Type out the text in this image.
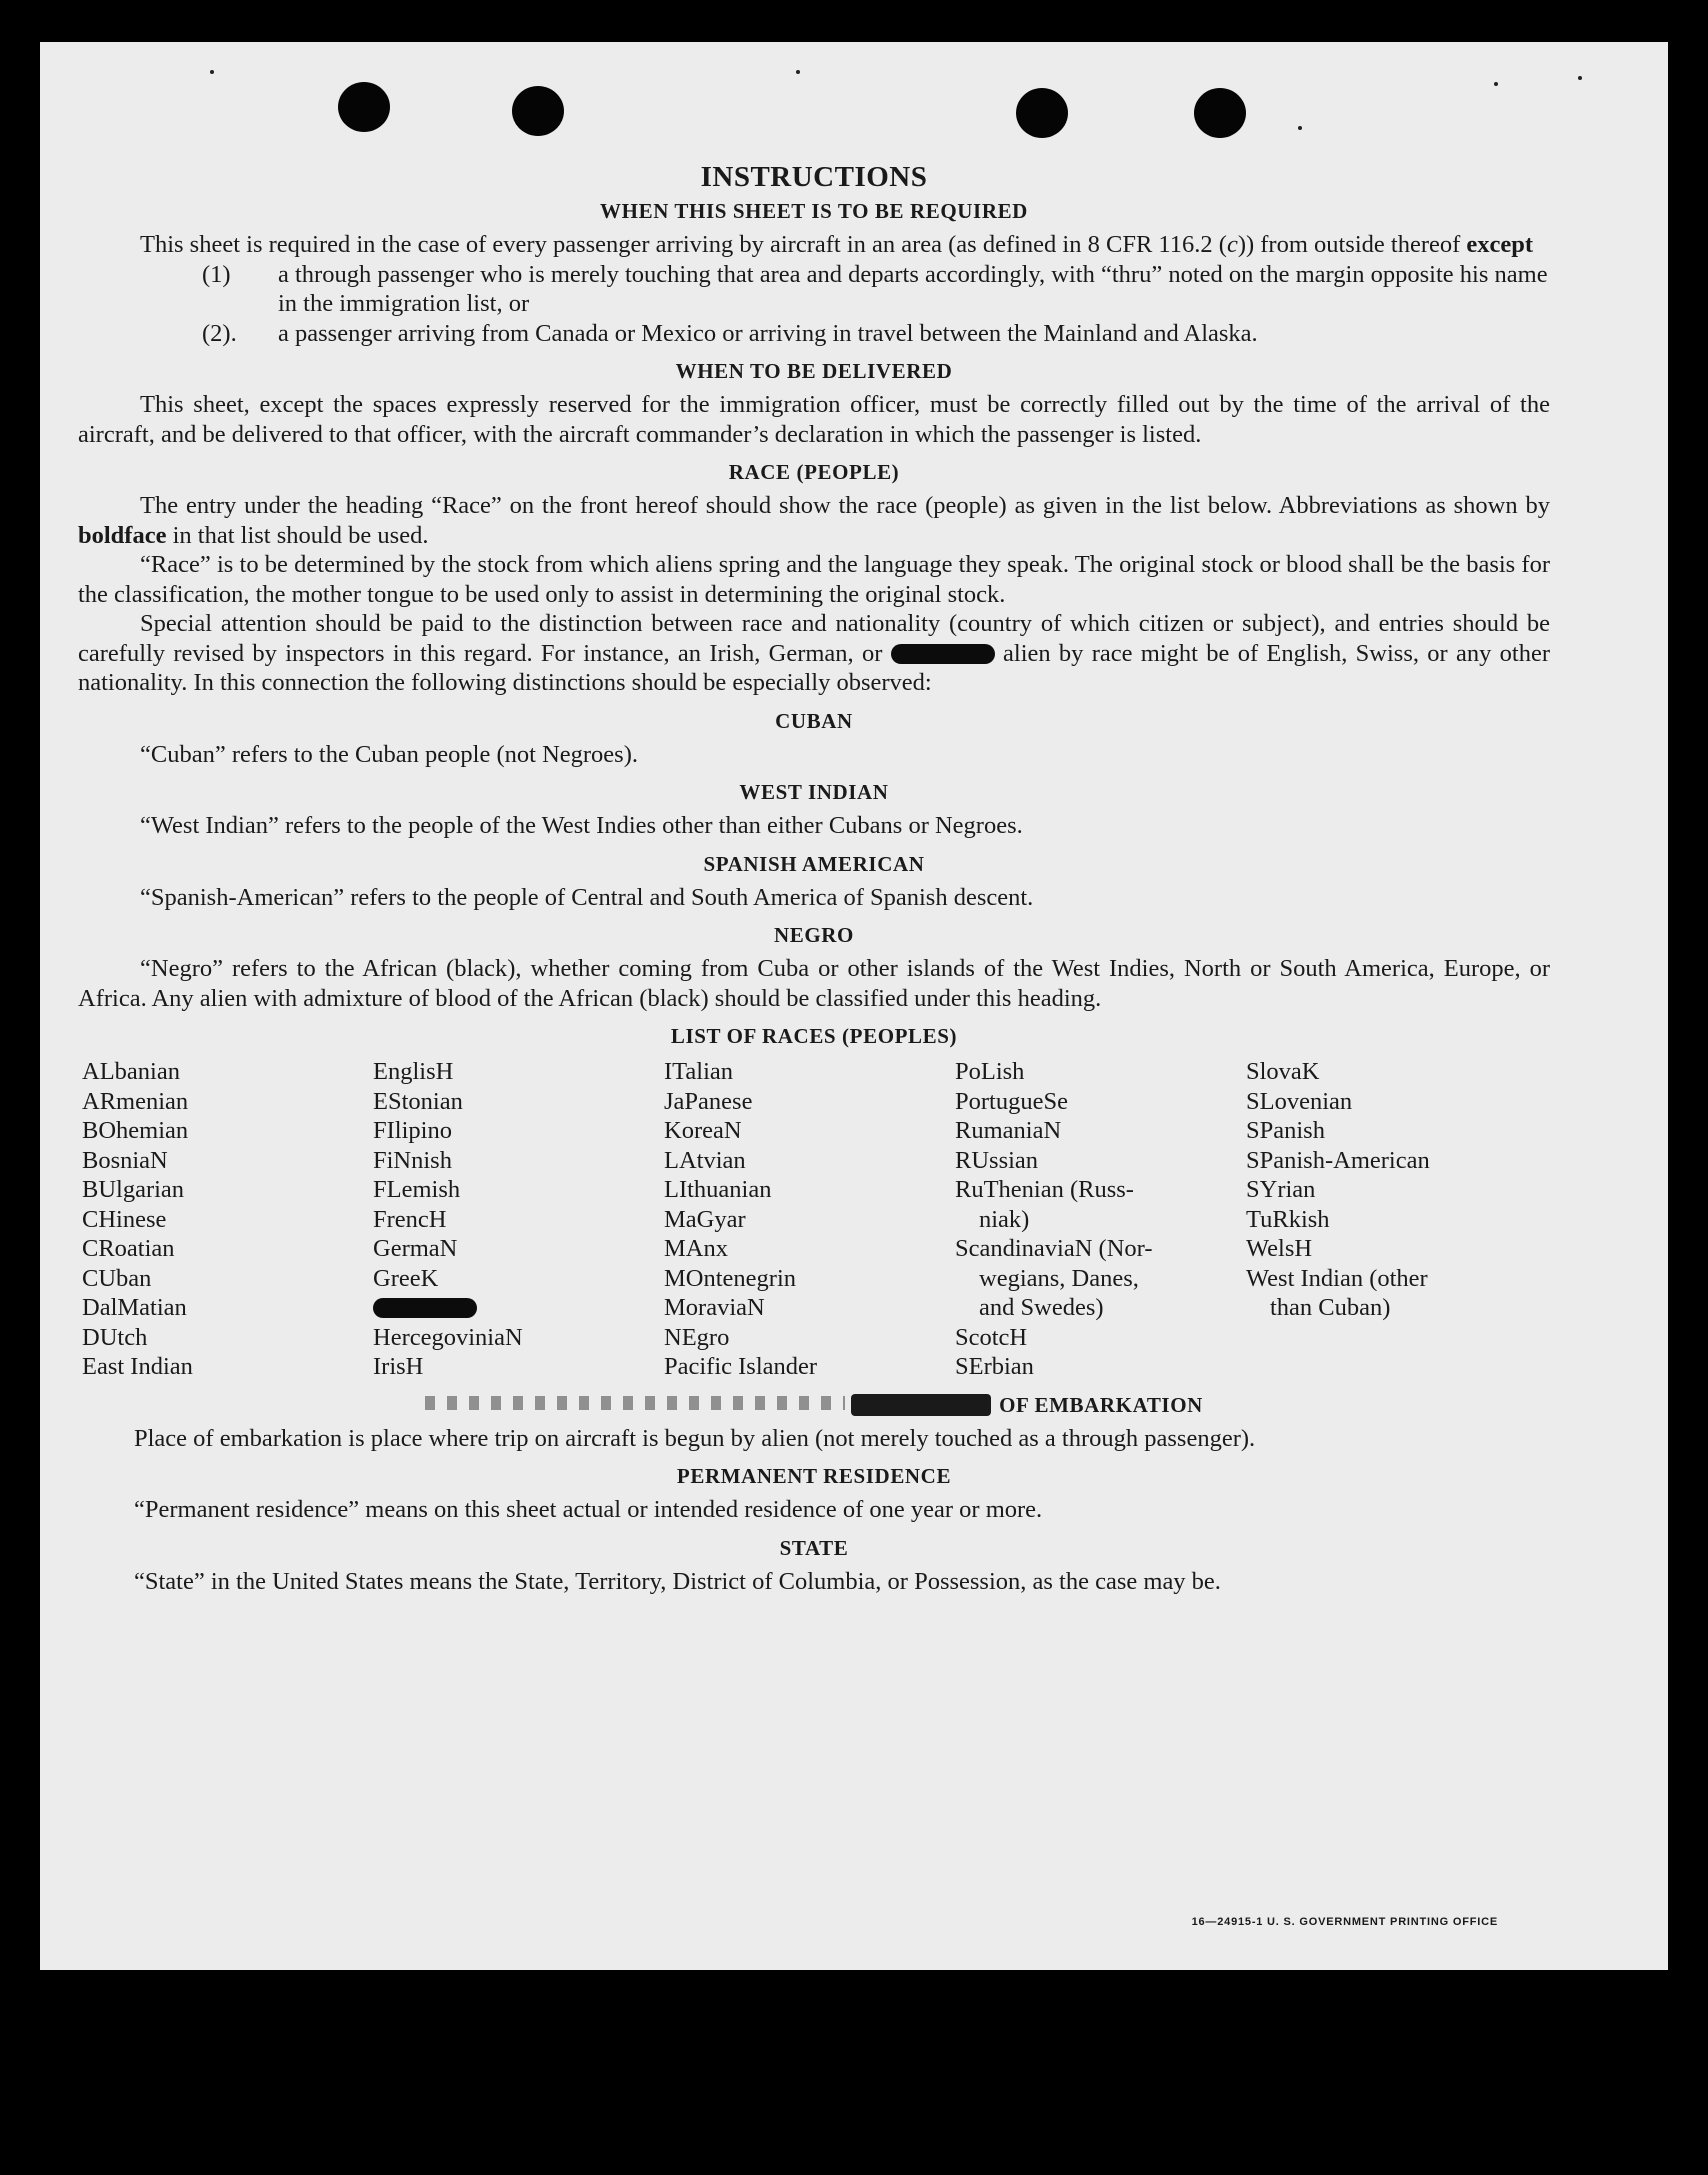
INSTRUCTIONS
WHEN THIS SHEET IS TO BE REQUIRED

This sheet is required in the case of every passenger arriving by aircraft in an area (as defined in 8 CFR 116.2 (c)) from outside thereof except

(1) a through passenger who is merely touching that area and departs accordingly, with “thru” noted on the margin opposite his name in the immigration list, or

(2). a passenger arriving from Canada or Mexico or arriving in travel between the Mainland and Alaska.

WHEN TO BE DELIVERED

This sheet, except the spaces expressly reserved for the immigration officer, must be correctly filled out by the time of the arrival of the aircraft, and be delivered to that officer, with the aircraft commander’s declaration in which the passenger is listed.

RACE (PEOPLE)

The entry under the heading “Race” on the front hereof should show the race (people) as given in the list below. Abbreviations as shown by boldface in that list should be used.

“Race” is to be determined by the stock from which aliens spring and the language they speak. The original stock or blood shall be the basis for the classification, the mother tongue to be used only to assist in determining the original stock.

Special attention should be paid to the distinction between race and nationality (country of which citizen or subject), and entries should be carefully revised by inspectors in this regard. For instance, an Irish, German, or	alien by race might be of English, Swiss, or any other nationality. In this connection the following distinctions should be especially observed:

CUBAN

“Cuban” refers to the Cuban people (not Negroes).

WEST INDIAN

“West Indian” refers to the people of the West Indies other than either Cubans or Negroes.

SPANISH AMERICAN

“Spanish-American” refers to the people of Central and South America of Spanish descent.

NEGRO

“Negro” refers to the African (black), whether coming from Cuba or other islands of the West Indies, North or South America, Europe, or Africa. Any alien with admixture of blood of the African (black) should be classified under this heading.

LIST OF RACES (PEOPLES)

ALbanian

ARmenian

BOhemian

BosniaN

BUlgarian

CHinese

CRoatian

CUban

DalMatian

DUtch

East Indian

EnglisH

EStonian

FIlipino

FiNnish

FLemish

FrencH

GermaN

GreeK

HercegoviniaN

IrisH

ITalian

JaPanese

KoreaN

LAtvian

LIthuanian

MaGyar

MAnx

MOntenegrin

MoraviaN

NEgro

Pacific Islander

PoLish

PortugueSe

RumaniaN

RUssian

RuThenian (Russ-

niak)

ScandinaviaN (Nor-

wegians, Danes,

and Swedes)

ScotcH

SErbian

SlovaK

SLovenian

SPanish

SPanish-American

SYrian

TuRkish

WelsH

West Indian (other

than Cuban)

OF EMBARKATION

Place of embarkation is place where trip on aircraft is begun by alien (not merely touched as a through passenger).

PERMANENT RESIDENCE

“Permanent residence” means on this sheet actual or intended residence of one year or more.

STATE

“State” in the United States means the State, Territory, District of Columbia, or Possession, as the case may be.

16—24915-1 U. S. GOVERNMENT PRINTING OFFICE
